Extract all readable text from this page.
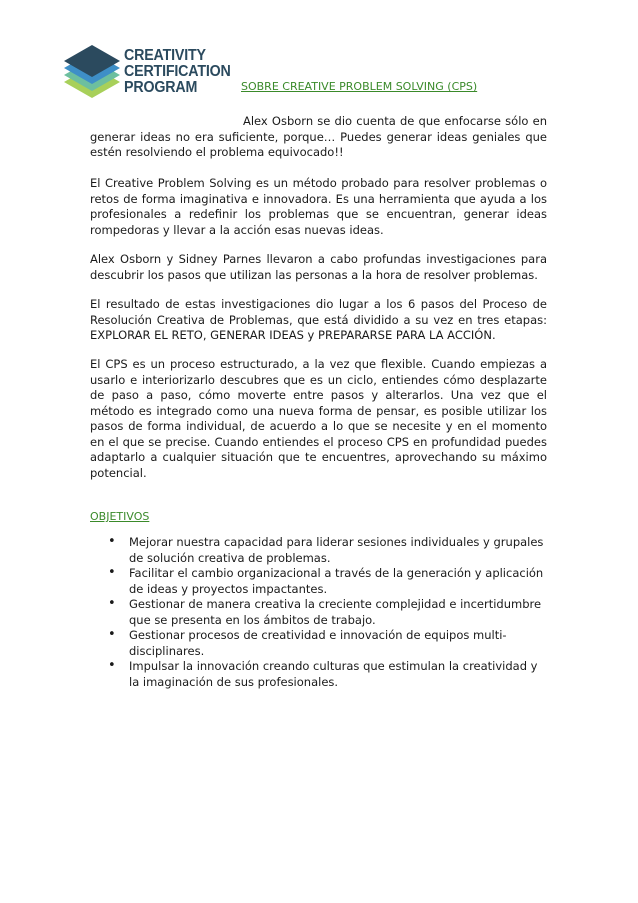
CREATIVITY
CERTIFICATION
PROGRAM	SOBRE CREATIVE PROBLEM SOLVING (CPS)
Alex Osborn se dio cuenta de que enfocarse sólo en generar ideas no era suficiente, porque… Puedes generar ideas geniales que estén resolviendo el problema equivocado!!
El Creative Problem Solving es un método probado para resolver problemas o retos de forma imaginativa e innovadora. Es una herramienta que ayuda a los profesionales a redefinir los problemas que se encuentran, generar ideas rompedoras y llevar a la acción esas nuevas ideas.
Alex Osborn y Sidney Parnes llevaron a cabo profundas investigaciones para descubrir los pasos que utilizan las personas a la hora de resolver problemas.
El resultado de estas investigaciones dio lugar a los 6 pasos del Proceso de Resolución Creativa de Problemas, que está dividido a su vez en tres etapas: EXPLORAR EL RETO, GENERAR IDEAS y PREPARARSE PARA LA ACCIÓN.
El CPS es un proceso estructurado, a la vez que flexible. Cuando empiezas a usarlo e interiorizarlo descubres que es un ciclo, entiendes cómo desplazarte de paso a paso, cómo moverte entre pasos y alterarlos. Una vez que el método es integrado como una nueva forma de pensar, es posible utilizar los pasos de forma individual, de acuerdo a lo que se necesite y en el momento en el que se precise. Cuando entiendes el proceso CPS en profundidad puedes adaptarlo a cualquier situación que te encuentres, aprovechando su máximo potencial.
OBJETIVOS
• Mejorar nuestra capacidad para liderar sesiones individuales y grupales de solución creativa de problemas.
• Facilitar el cambio organizacional a través de la generación y aplicación de ideas y proyectos impactantes.
• Gestionar de manera creativa la creciente complejidad e incertidumbre que se presenta en los ámbitos de trabajo.
• Gestionar procesos de creatividad e innovación de equipos multi-disciplinares.
• Impulsar la innovación creando culturas que estimulan la creatividad y la imaginación de sus profesionales.
